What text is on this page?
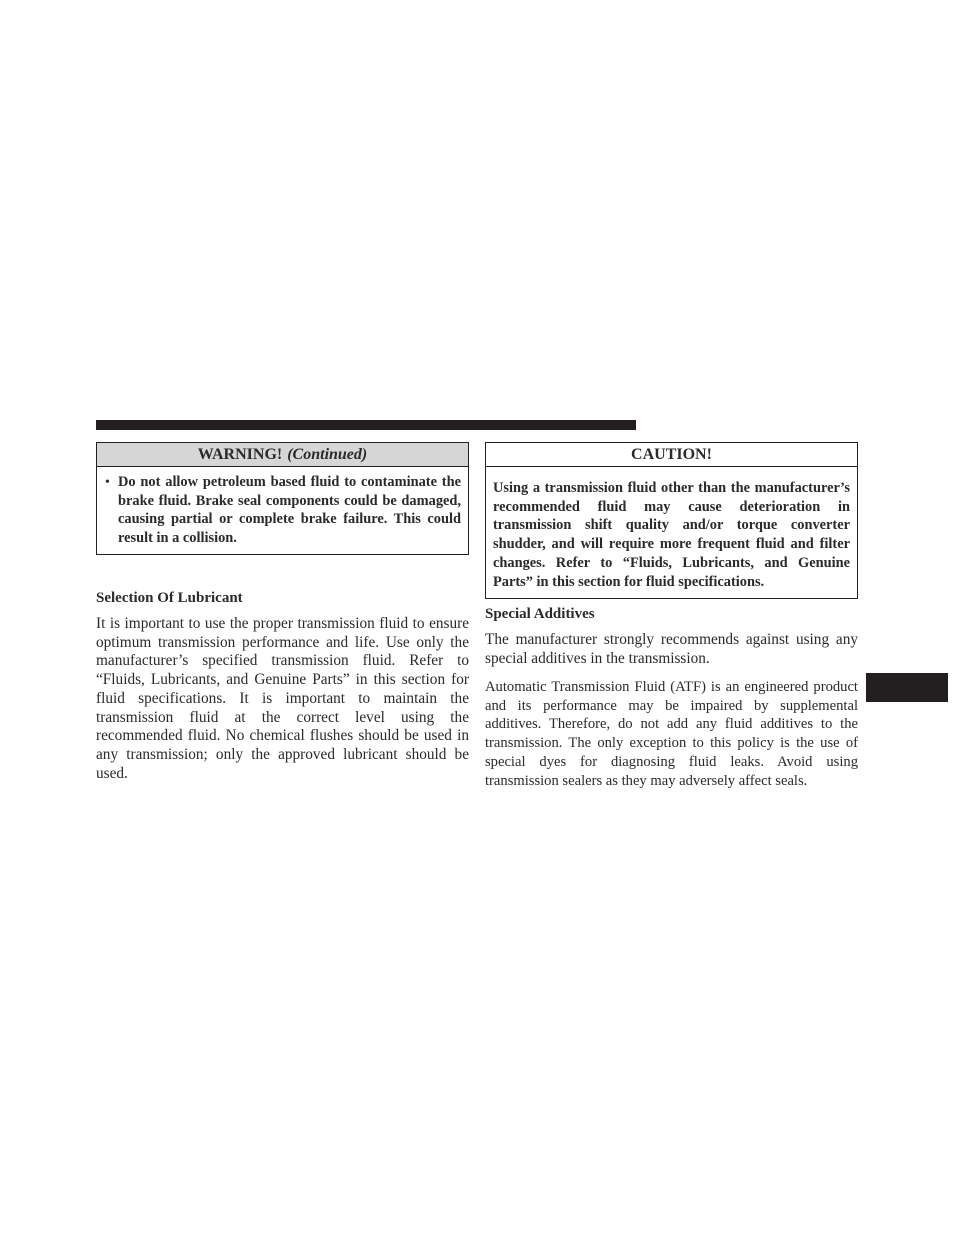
WARNING! (Continued)
• Do not allow petroleum based fluid to contaminate the brake fluid. Brake seal components could be damaged, causing partial or complete brake failure. This could result in a collision.

Selection Of Lubricant

It is important to use the proper transmission fluid to ensure optimum transmission performance and life. Use only the manufacturer’s specified transmission fluid. Refer to “Fluids, Lubricants, and Genuine Parts” in this section for fluid specifications. It is important to maintain the transmission fluid at the correct level using the recommended fluid. No chemical flushes should be used in any transmission; only the approved lubricant should be used.

CAUTION!

Using a transmission fluid other than the manufacturer’s recommended fluid may cause deterioration in transmission shift quality and/or torque converter shudder, and will require more frequent fluid and filter changes. Refer to “Fluids, Lubricants, and Genuine Parts” in this section for fluid specifications.

Special Additives

The manufacturer strongly recommends against using any special additives in the transmission.

Automatic Transmission Fluid (ATF) is an engineered product and its performance may be impaired by supplemental additives. Therefore, do not add any fluid additives to the transmission. The only exception to this policy is the use of special dyes for diagnosing fluid leaks. Avoid using transmission sealers as they may adversely affect seals.
